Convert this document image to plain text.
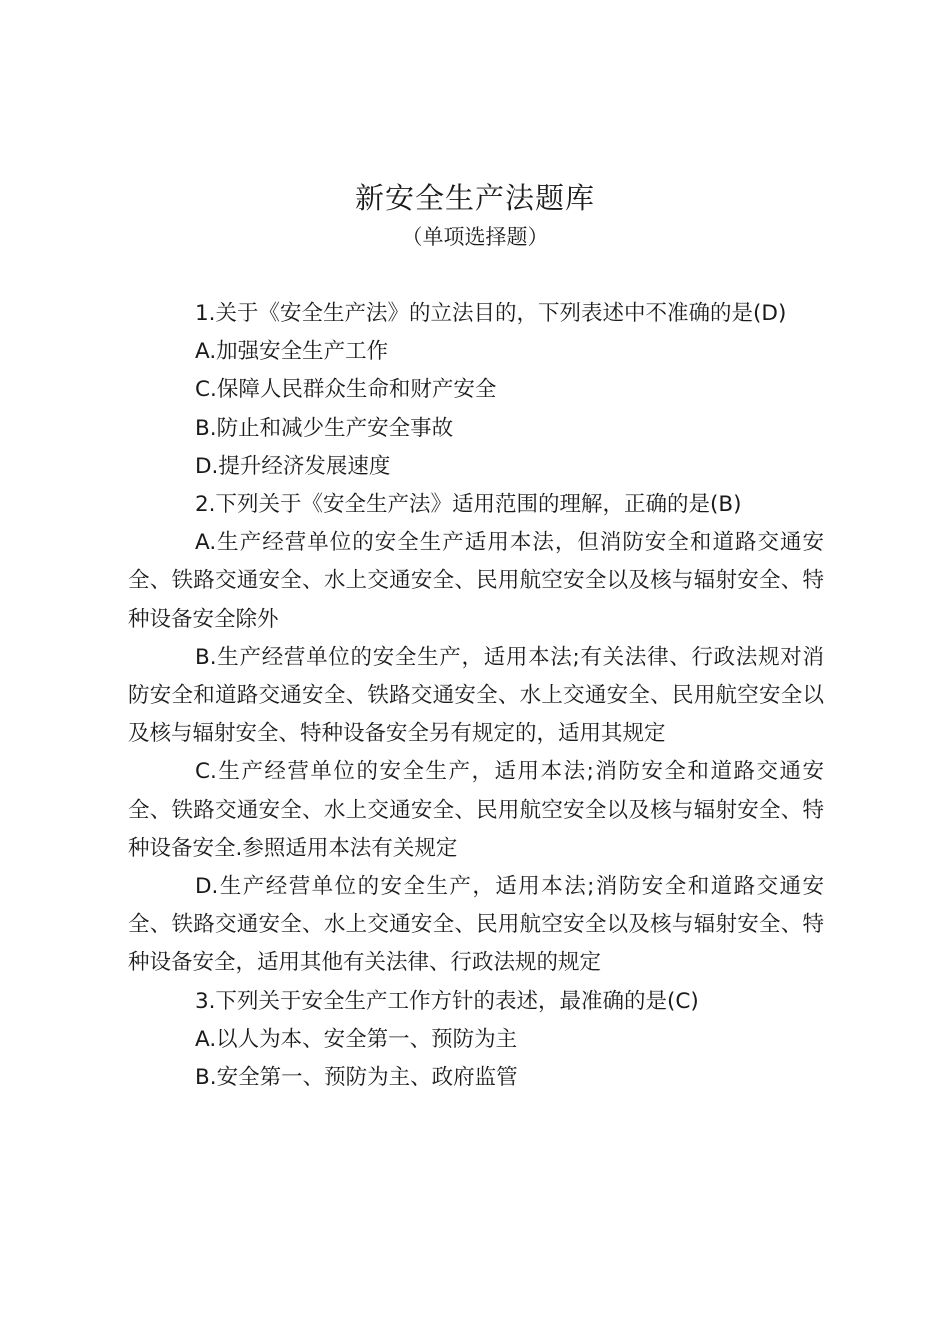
新安全生产法题库
（单项选择题）

1.关于《安全生产法》的立法目的，下列表述中不准确的是(D)

A.加强安全生产工作

C.保障人民群众生命和财产安全

B.防止和减少生产安全事故

D.提升经济发展速度

2.下列关于《安全生产法》适用范围的理解，正确的是(B)

A.生产经营单位的安全生产适用本法，但消防安全和道路交通安全、铁路交通安全、水上交通安全、民用航空安全以及核与辐射安全、特种设备安全除外

B.生产经营单位的安全生产，适用本法;有关法律、行政法规对消防安全和道路交通安全、铁路交通安全、水上交通安全、民用航空安全以及核与辐射安全、特种设备安全另有规定的，适用其规定

C.生产经营单位的安全生产，适用本法;消防安全和道路交通安全、铁路交通安全、水上交通安全、民用航空安全以及核与辐射安全、特种设备安全.参照适用本法有关规定

D.生产经营单位的安全生产，适用本法;消防安全和道路交通安全、铁路交通安全、水上交通安全、民用航空安全以及核与辐射安全、特种设备安全，适用其他有关法律、行政法规的规定

3.下列关于安全生产工作方针的表述，最准确的是(C)

A.以人为本、安全第一、预防为主

B.安全第一、预防为主、政府监管
